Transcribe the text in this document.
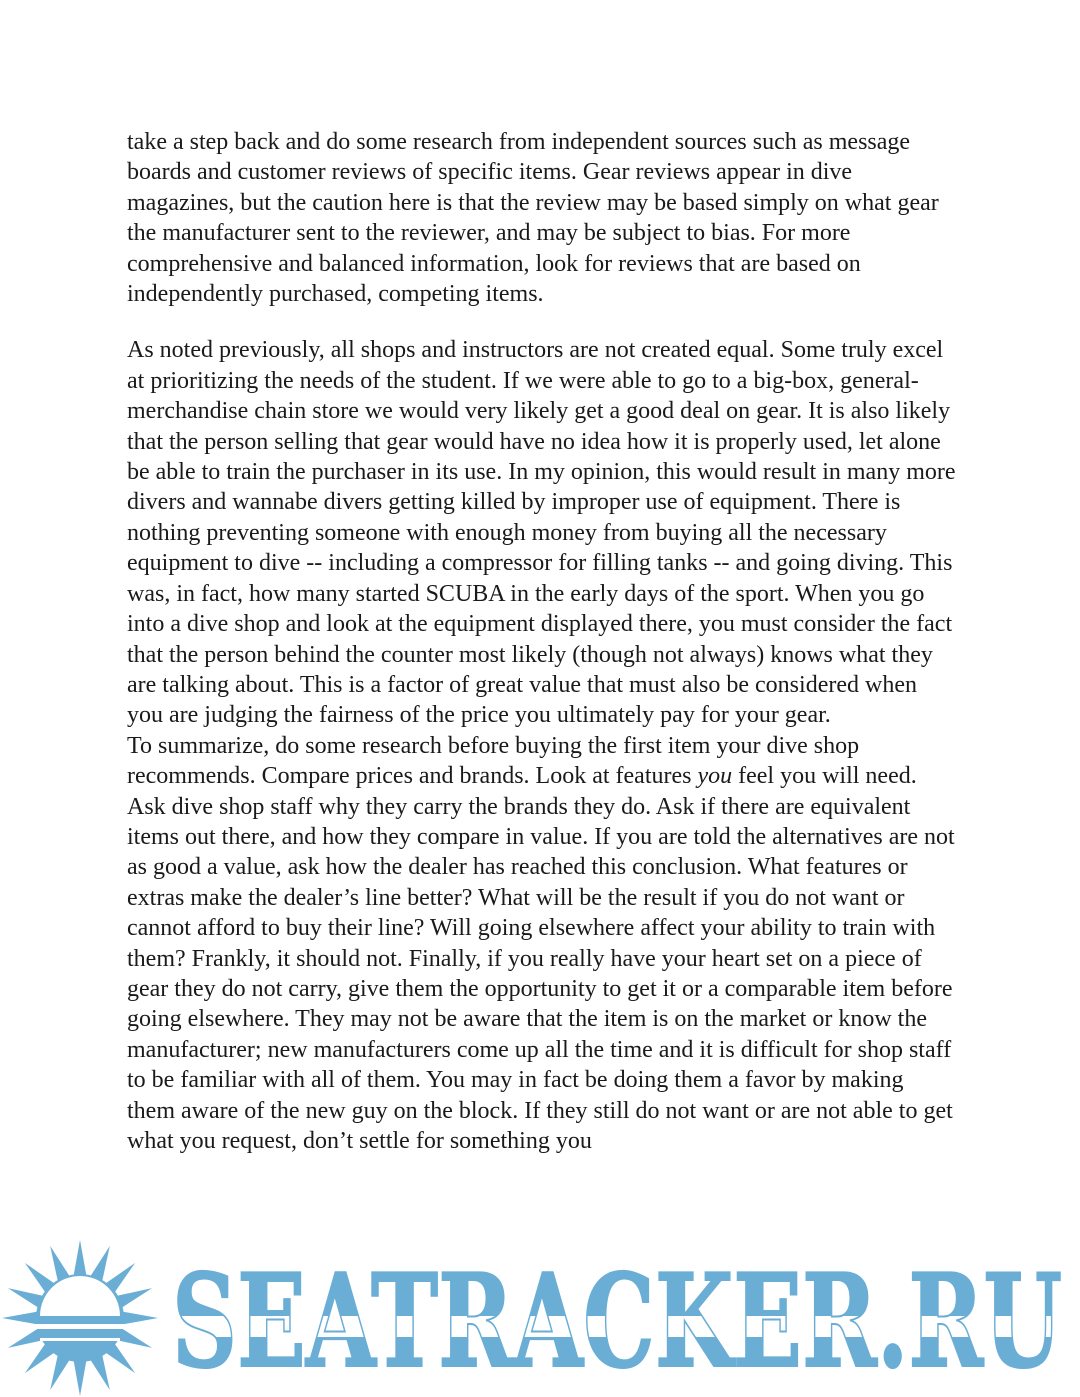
take a step back and do some research from independent sources such as message boards and customer reviews of specific items. Gear reviews appear in dive magazines, but the caution here is that the review may be based simply on what gear the manufacturer sent to the reviewer, and may be subject to bias. For more comprehensive and balanced information, look for reviews that are based on independently purchased, competing items.

As noted previously, all shops and instructors are not created equal. Some truly excel at prioritizing the needs of the student. If we were able to go to a big-box, general-merchandise chain store we would very likely get a good deal on gear. It is also likely that the person selling that gear would have no idea how it is properly used, let alone be able to train the purchaser in its use. In my opinion, this would result in many more divers and wannabe divers getting killed by improper use of equipment. There is nothing preventing someone with enough money from buying all the necessary equipment to dive -- including a compressor for filling tanks -- and going diving. This was, in fact, how many started SCUBA in the early days of the sport. When you go into a dive shop and look at the equipment displayed there, you must consider the fact that the person behind the counter most likely (though not always) knows what they are talking about. This is a factor of great value that must also be considered when you are judging the fairness of the price you ultimately pay for your gear.

To summarize, do some research before buying the first item your dive shop recommends. Compare prices and brands. Look at features you feel you will need. Ask dive shop staff why they carry the brands they do. Ask if there are equivalent items out there, and how they compare in value. If you are told the alternatives are not as good a value, ask how the dealer has reached this conclusion. What features or extras make the dealer’s line better? What will be the result if you do not want or cannot afford to buy their line? Will going elsewhere affect your ability to train with them? Frankly, it should not. Finally, if you really have your heart set on a piece of gear they do not carry, give them the opportunity to get it or a comparable item before going elsewhere. They may not be aware that the item is on the market or know the manufacturer; new manufacturers come up all the time and it is difficult for shop staff to be familiar with all of them. You may in fact be doing them a favor by making them aware of the new guy on the block. If they still do not want or are not able to get what you request, don’t settle for something you

SEATRACKER.RU
